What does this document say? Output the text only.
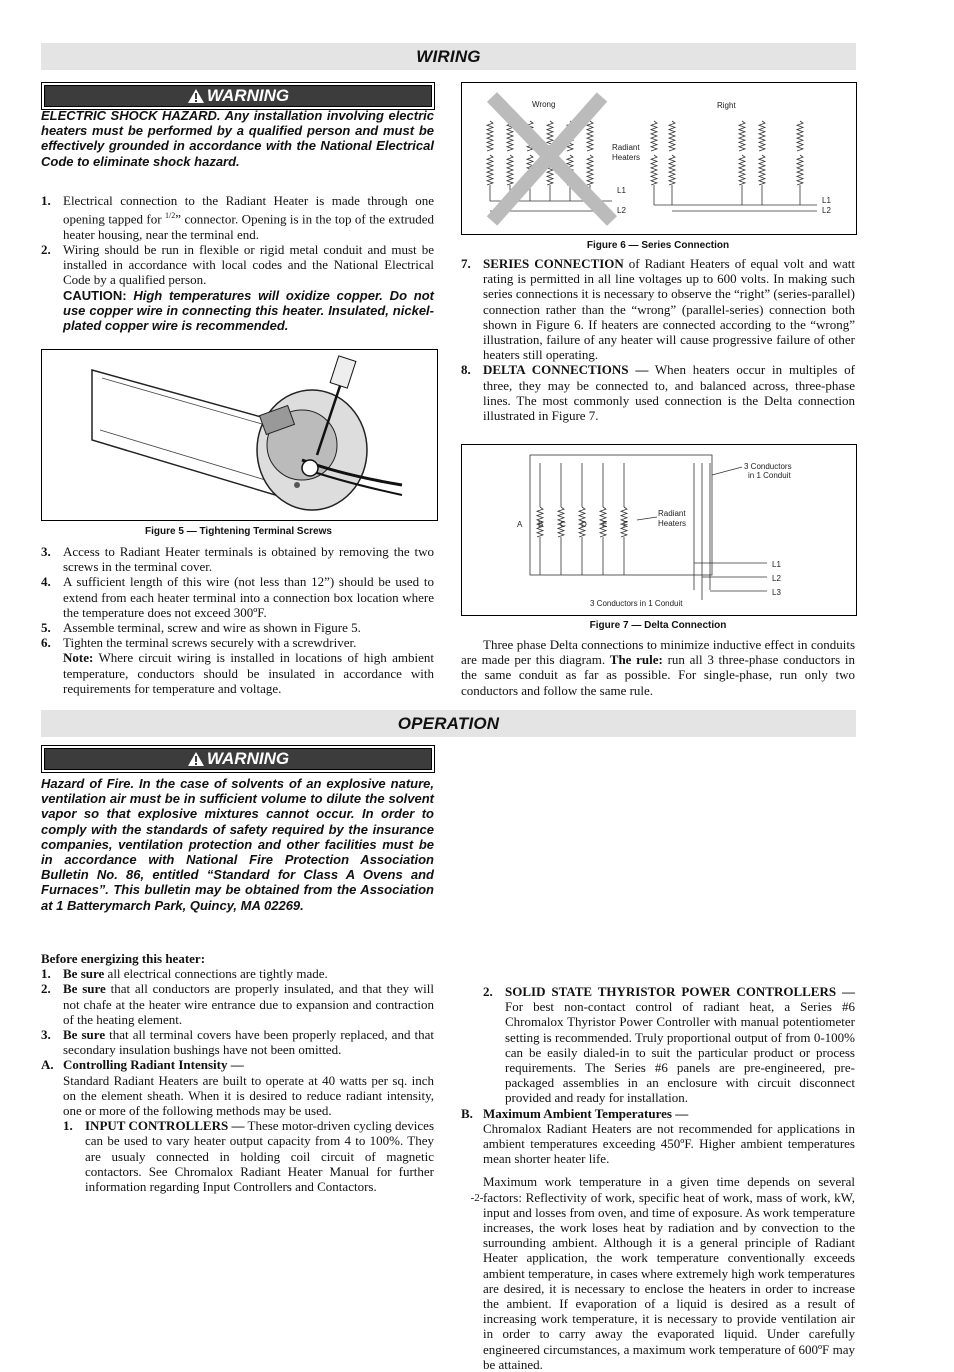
WIRING
WARNING

ELECTRIC SHOCK HAZARD. Any installation involving electric heaters must be performed by a qualified person and must be effectively grounded in accordance with the National Electrical Code to eliminate shock hazard.

1. Electrical connection to the Radiant Heater is made through one opening tapped for $^{1/2}$” connector. Opening is in the top of the extruded heater housing, near the terminal end.
2. Wiring should be run in flexible or rigid metal conduit and must be installed in accordance with local codes and the National Electrical Code by a qualified person.
CAUTION: High temperatures will oxidize copper. Do not use copper wire in connecting this heater. Insulated, nickel-plated copper wire is recommended.
Figure 5 — Tightening Terminal Screws
3. Access to Radiant Heater terminals is obtained by removing the two screws in the terminal cover.
4. A sufficient length of this wire (not less than 12”) should be used to extend from each heater terminal into a connection box location where the temperature does not exceed 300ºF.
5. Assemble terminal, screw and wire as shown in Figure 5.
6. Tighten the terminal screws securely with a screwdriver.
Note: Where circuit wiring is installed in locations of high ambient temperature, conductors should be insulated in accordance with requirements for temperature and voltage.
Wrong	Right
Radiant
Heaters
L1
L2
L1
L2
Figure 6 — Series Connection
7. SERIES CONNECTION of Radiant Heaters of equal volt and watt rating is permitted in all line voltages up to 600 volts. In making such series connections it is necessary to observe the “right” (series-parallel) connection rather than the “wrong” (parallel-series) connection both shown in Figure 6. If heaters are connected according to the “wrong” illustration, failure of any heater will cause progressive failure of other heaters still operating.
8. DELTA CONNECTIONS — When heaters occur in multiples of three, they may be connected to, and balanced across, three-phase lines. The most commonly used connection is the Delta connection illustrated in Figure 7.
3 Conductors
in 1 Conduit
Radiant
Heaters
L1
L2
L3
3 Conductors in 1 Conduit
A B C D E F
Figure 7 — Delta Connection

Three phase Delta connections to minimize inductive effect in conduits are made per this diagram. The rule: run all 3 three-phase conductors in the same conduit as far as possible. For single-phase, run only two conductors and follow the same rule.

OPERATION
WARNING

Hazard of Fire. In the case of solvents of an explosive nature, ventilation air must be in sufficient volume to dilute the solvent vapor so that explosive mixtures cannot occur. In order to comply with the standards of safety required by the insurance companies, ventilation protection and other facilities must be in accordance with National Fire Protection Association Bulletin No. 86, entitled “Standard for Class A Ovens and Furnaces”. This bulletin may be obtained from the Association at 1 Batterymarch Park, Quincy, MA 02269.

Before energizing this heater:
1. Be sure all electrical connections are tightly made.
2. Be sure that all conductors are properly insulated, and that they will not chafe at the heater wire entrance due to expansion and contraction of the heating element.
3. Be sure that all terminal covers have been properly replaced, and that secondary insulation bushings have not been omitted.
A. Controlling Radiant Intensity —
Standard Radiant Heaters are built to operate at 40 watts per sq. inch on the element sheath. When it is desired to reduce radiant intensity, one or more of the following methods may be used.
1. INPUT CONTROLLERS — These motor-driven cycling devices can be used to vary heater output capacity from 4 to 100%. They are usualy connected in holding coil circuit of magnetic contactors. See Chromalox Radiant Heater Manual for further information regarding Input Controllers and Contactors.
2. SOLID STATE THYRISTOR POWER CONTROLLERS — For best non-contact control of radiant heat, a Series #6 Chromalox Thyristor Power Controller with manual potentiometer setting is recommended. Truly proportional output of from 0-100% can be easily dialed-in to suit the particular product or process requirements. The Series #6 panels are pre-engineered, pre-packaged assemblies in an enclosure with circuit disconnect provided and ready for installation.
B. Maximum Ambient Temperatures —
Chromalox Radiant Heaters are not recommended for applications in ambient temperatures exceeding 450ºF. Higher ambient temperatures mean shorter heater life.

Maximum work temperature in a given time depends on several factors: Reflectivity of work, specific heat of work, mass of work, kW, input and losses from oven, and time of exposure. As work temperature increases, the work loses heat by radiation and by convection to the surrounding ambient. Although it is a general principle of Radiant Heater application, the work temperature conventionally exceeds ambient temperature, in cases where extremely high work temperatures are desired, it is necessary to enclose the heaters in order to increase the ambient. If evaporation of a liquid is desired as a result of increasing work temperature, it is necessary to provide ventilation air in order to carry away the evaporated liquid. Under carefully engineered circumstances, a maximum work temperature of 600ºF may be attained.

-2-
